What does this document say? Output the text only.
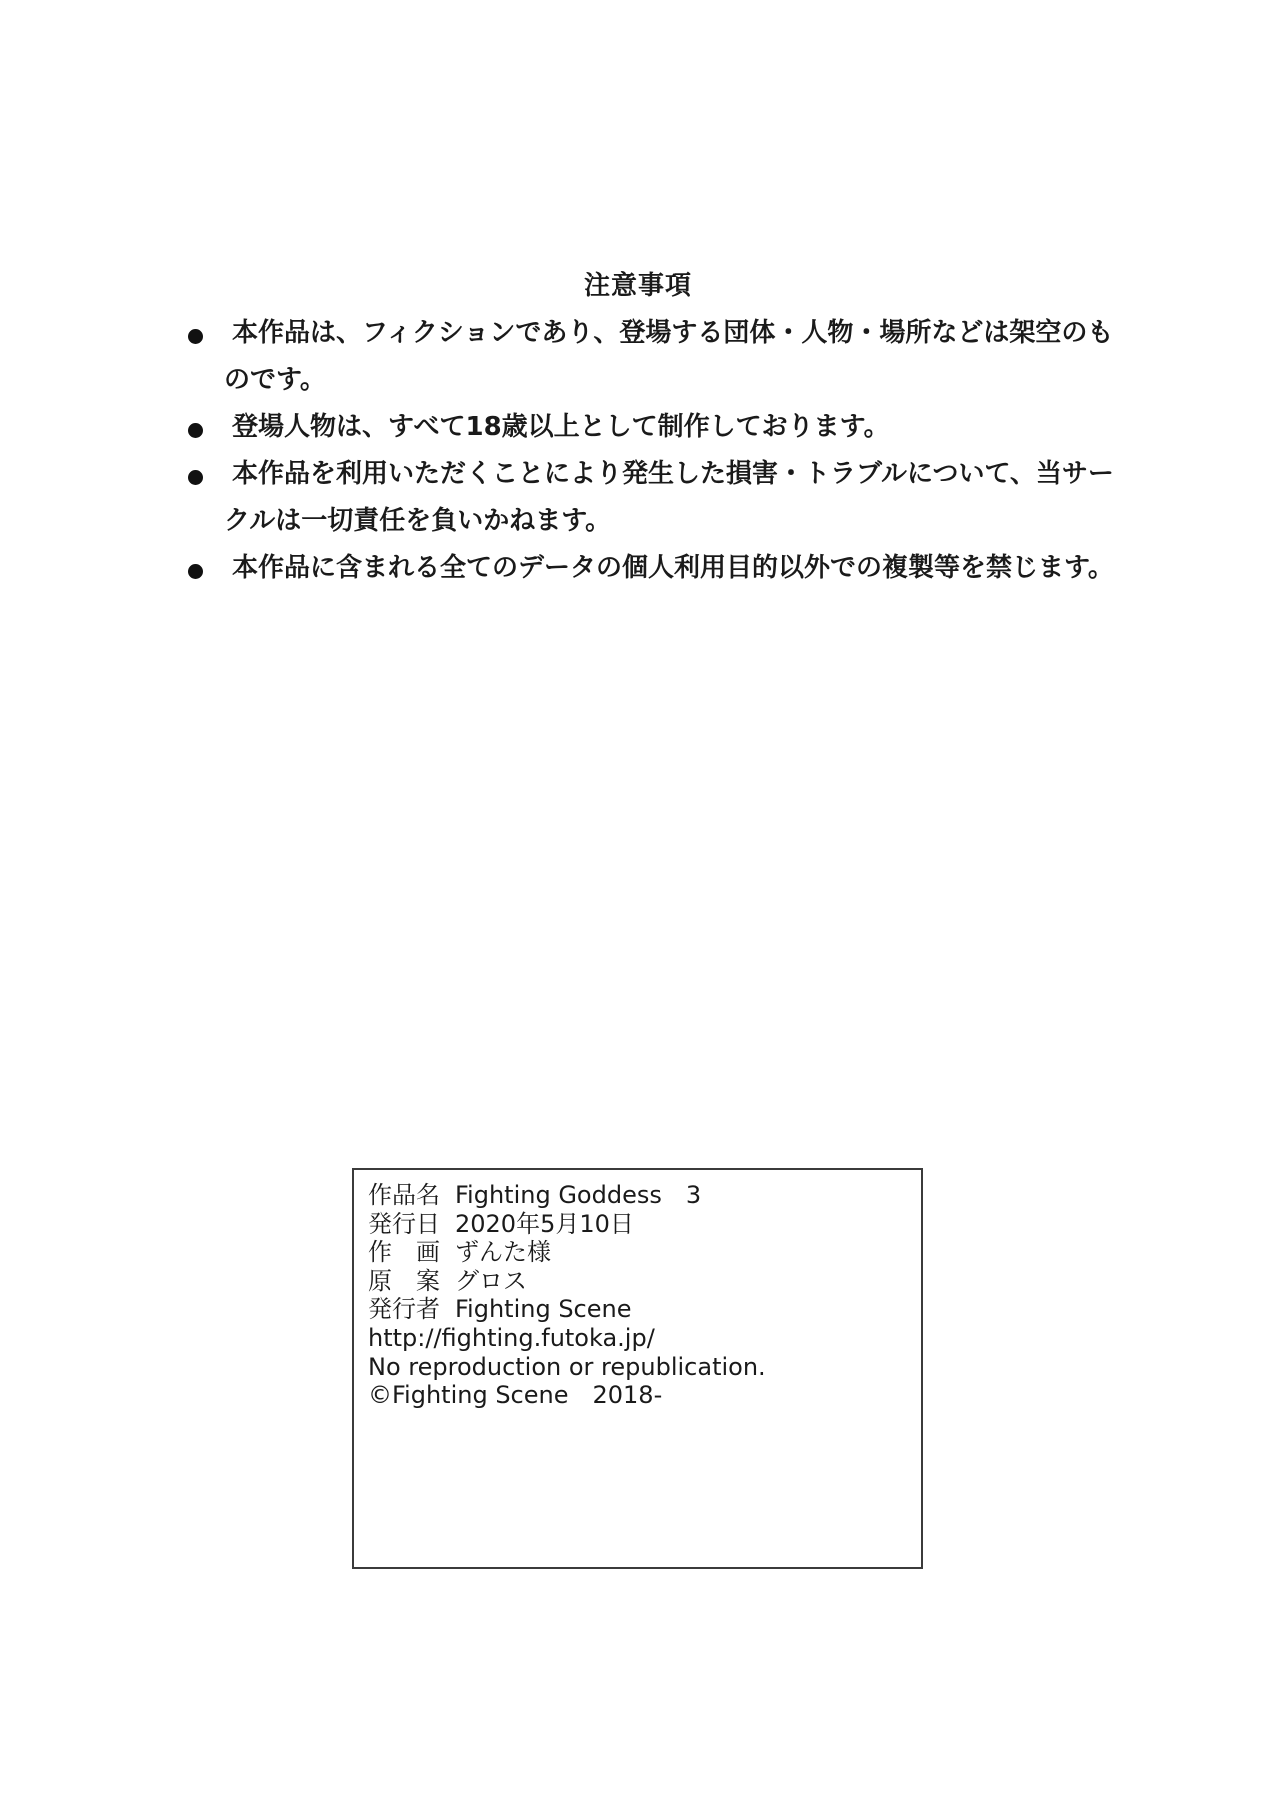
注意事項
本作品は、フィクションであり、登場する団体・人物・場所などは架空のも
のです。
登場人物は、すべて18歳以上として制作しております。
本作品を利用いただくことにより発生した損害・トラブルについて、当サー
クルは一切責任を負いかねます。
本作品に含まれる全てのデータの個人利用目的以外での複製等を禁じます。
作品名 Fighting Goddess　3
発行日 2020年5月10日
作　画 ずんた様
原　案 グロス
発行者 Fighting Scene
http://fighting.futoka.jp/
No reproduction or republication.
©Fighting Scene　2018-
